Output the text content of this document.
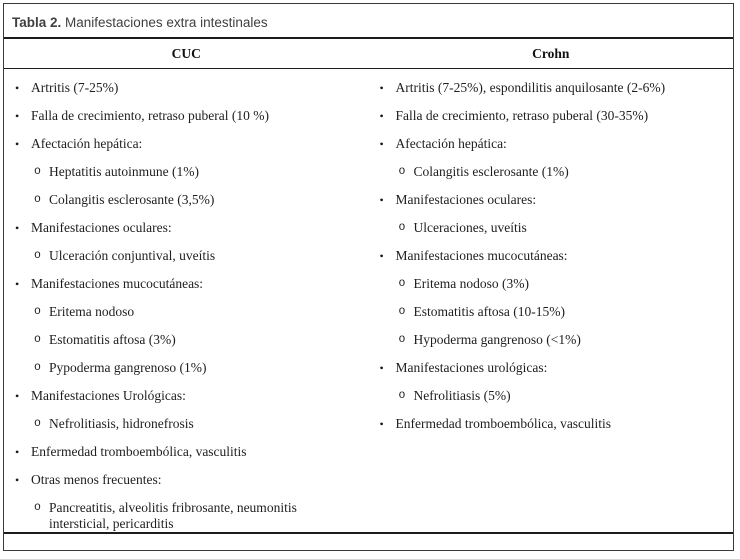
Tabla 2. Manifestaciones extra intestinales
CUC	Crohn
• Artritis (7-25%)
• Falla de crecimiento, retraso puberal (10 %)
• Afectación hepática:
o Heptatitis autoinmune (1%)
o Colangitis esclerosante (3,5%)
• Manifestaciones oculares:
o Ulceración conjuntival, uveítis
• Manifestaciones mucocutáneas:
o Eritema nodoso
o Estomatitis aftosa (3%)
o Pypoderma gangrenoso (1%)
• Manifestaciones Urológicas:
o Nefrolitiasis, hidronefrosis
• Enfermedad tromboembólica, vasculitis
• Otras menos frecuentes:
o Pancreatitis, alveolitis fribrosante, neumonitis intersticial, pericarditis
• Artritis (7-25%), espondilitis anquilosante (2-6%)
• Falla de crecimiento, retraso puberal (30-35%)
• Afectación hepática:
o Colangitis esclerosante (1%)
• Manifestaciones oculares:
o Ulceraciones, uveítis
• Manifestaciones mucocutáneas:
o Eritema nodoso (3%)
o Estomatitis aftosa (10-15%)
o Hypoderma gangrenoso (<1%)
• Manifestaciones urológicas:
o Nefrolitiasis (5%)
• Enfermedad tromboembólica, vasculitis
